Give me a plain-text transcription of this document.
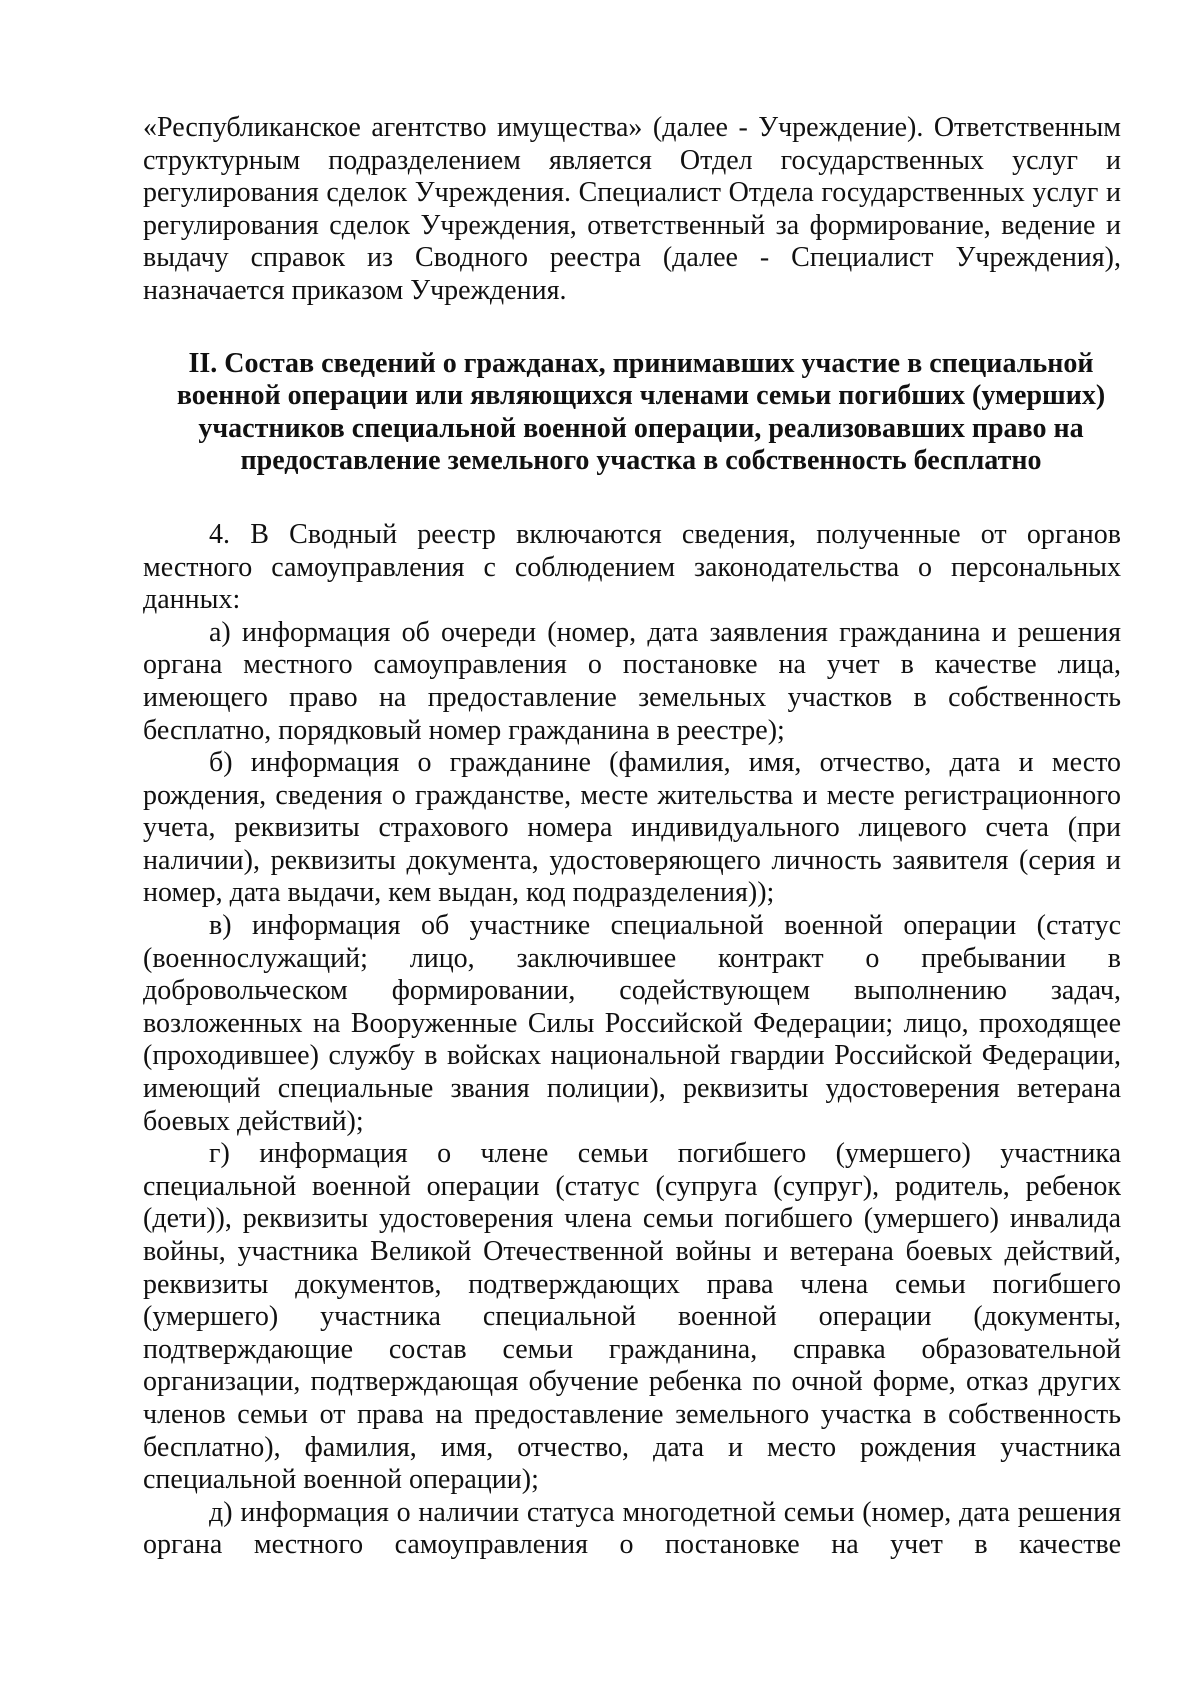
«Республиканское агентство имущества» (далее - Учреждение). Ответственным структурным подразделением является Отдел государственных услуг и регулирования сделок Учреждения. Специалист Отдела государственных услуг и регулирования сделок Учреждения, ответственный за формирование, ведение и выдачу справок из Сводного реестра (далее - Специалист Учреждения), назначается приказом Учреждения.

II. Состав сведений о гражданах, принимавших участие в специальной военной операции или являющихся членами семьи погибших (умерших) участников специальной военной операции, реализовавших право на предоставление земельного участка в собственность бесплатно

4. В Сводный реестр включаются сведения, полученные от органов местного самоуправления с соблюдением законодательства о персональных данных:

а) информация об очереди (номер, дата заявления гражданина и решения органа местного самоуправления о постановке на учет в качестве лица, имеющего право на предоставление земельных участков в собственность бесплатно, порядковый номер гражданина в реестре);

б) информация о гражданине (фамилия, имя, отчество, дата и место рождения, сведения о гражданстве, месте жительства и месте регистрационного учета, реквизиты страхового номера индивидуального лицевого счета (при наличии), реквизиты документа, удостоверяющего личность заявителя (серия и номер, дата выдачи, кем выдан, код подразделения));

в) информация об участнике специальной военной операции (статус (военнослужащий; лицо, заключившее контракт о пребывании в добровольческом формировании, содействующем выполнению задач, возложенных на Вооруженные Силы Российской Федерации; лицо, проходящее (проходившее) службу в войсках национальной гвардии Российской Федерации, имеющий специальные звания полиции), реквизиты удостоверения ветерана боевых действий);

г) информация о члене семьи погибшего (умершего) участника специальной военной операции (статус (супруга (супруг), родитель, ребенок (дети)), реквизиты удостоверения члена семьи погибшего (умершего) инвалида войны, участника Великой Отечественной войны и ветерана боевых действий, реквизиты документов, подтверждающих права члена семьи погибшего (умершего) участника специальной военной операции (документы, подтверждающие состав семьи гражданина, справка образовательной организации, подтверждающая обучение ребенка по очной форме, отказ других членов семьи от права на предоставление земельного участка в собственность бесплатно), фамилия, имя, отчество, дата и место рождения участника специальной военной операции);

д) информация о наличии статуса многодетной семьи (номер, дата решения органа местного самоуправления о постановке на учет в качестве
